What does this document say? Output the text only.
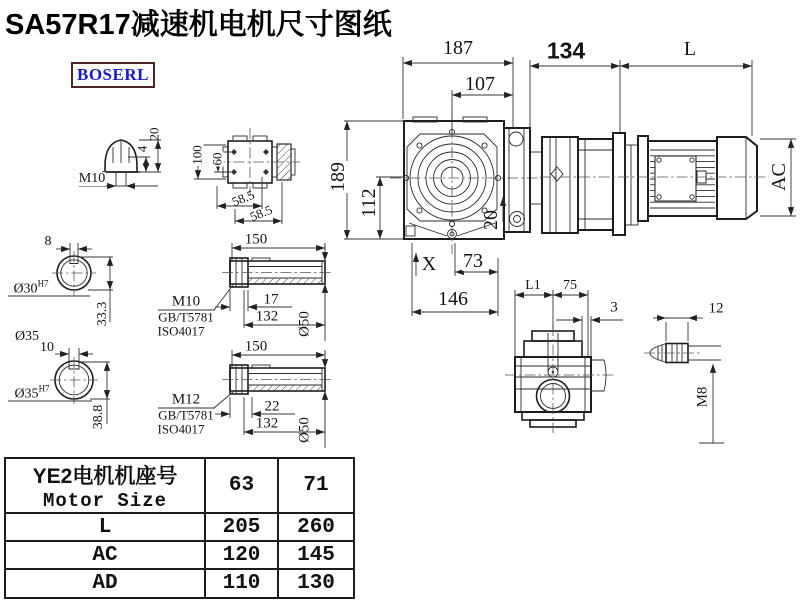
SA57R17减速机电机尺寸图纸
BOSERL
187
107
134	L
189
112
20
X 73
146
AC
M10
4
20
100 60
58.5
58.5
8
$Ø30^{H7}$
33.3
Ø35
10
$Ø35^{H7}$
38.8
150
17
132 Ø50
M10
GB/T5781
ISO4017
150
22
132 Ø50
M12
GB/T5781
ISO4017
L1 75
3	12
M8
YE2电机机座号
Motor Size	63	71
L	205	260
AC	120	145
AD	110	130
